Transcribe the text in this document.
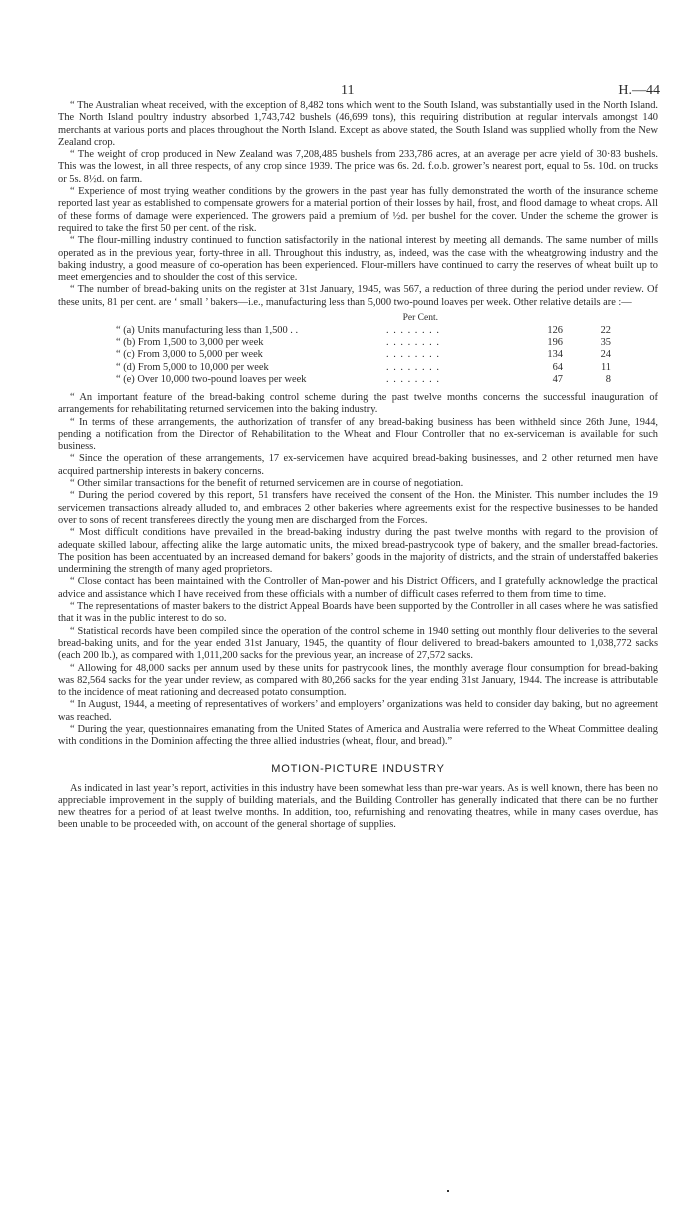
11	H.—44

“ The Australian wheat received, with the exception of 8,482 tons which went to the South Island, was substantially used in the North Island. The North Island poultry industry absorbed 1,743,742 bushels (46,699 tons), this requiring distribution at regular intervals amongst 140 merchants at various ports and places throughout the North Island. Except as above stated, the South Island was supplied wholly from the New Zealand crop.

“ The weight of crop produced in New Zealand was 7,208,485 bushels from 233,786 acres, at an average per acre yield of 30·83 bushels. This was the lowest, in all three respects, of any crop since 1939. The price was 6s. 2d. f.o.b. grower’s nearest port, equal to 5s. 10d. on trucks or 5s. 8½d. on farm.

“ Experience of most trying weather conditions by the growers in the past year has fully demonstrated the worth of the insurance scheme reported last year as established to compensate growers for a material portion of their losses by hail, frost, and flood damage to wheat crops. All of these forms of damage were experienced. The growers paid a premium of ½d. per bushel for the cover. Under the scheme the grower is required to take the first 50 per cent. of the risk.

“ The flour-milling industry continued to function satisfactorily in the national interest by meeting all demands. The same number of mills operated as in the previous year, forty-three in all. Throughout this industry, as, indeed, was the case with the wheatgrowing industry and the baking industry, a good measure of co-operation has been experienced. Flour-millers have continued to carry the reserves of wheat built up to meet emergencies and to shoulder the cost of this service.

“ The number of bread-baking units on the register at 31st January, 1945, was 567, a reduction of three during the period under review. Of these units, 81 per cent. are ‘ small ’ bakers—i.e., manufacturing less than 5,000 two-pound loaves per week. Other relative details are :—

Per Cent.
“ (a) Units manufacturing less than 1,500 . .	. . . . . . . .	126	22
“ (b) From 1,500 to 3,000 per week	. . . . . . . .	196	35
“ (c) From 3,000 to 5,000 per week	. . . . . . . .	134	24
“ (d) From 5,000 to 10,000 per week	. . . . . . . .	64	11
“ (e) Over 10,000 two-pound loaves per week	. . . . . . . .	47	8

“ An important feature of the bread-baking control scheme during the past twelve months concerns the successful inauguration of arrangements for rehabilitating returned servicemen into the baking industry.

“ In terms of these arrangements, the authorization of transfer of any bread-baking business has been withheld since 26th June, 1944, pending a notification from the Director of Rehabilitation to the Wheat and Flour Controller that no ex-serviceman is available for such business.

“ Since the operation of these arrangements, 17 ex-servicemen have acquired bread-baking businesses, and 2 other returned men have acquired partnership interests in bakery concerns.

“ Other similar transactions for the benefit of returned servicemen are in course of negotiation.

“ During the period covered by this report, 51 transfers have received the consent of the Hon. the Minister. This number includes the 19 servicemen transactions already alluded to, and embraces 2 other bakeries where agreements exist for the respective businesses to be handed over to sons of recent transferees directly the young men are discharged from the Forces.

“ Most difficult conditions have prevailed in the bread-baking industry during the past twelve months with regard to the provision of adequate skilled labour, affecting alike the large automatic units, the mixed bread-pastrycook type of bakery, and the smaller bread-factories. The position has been accentuated by an increased demand for bakers’ goods in the majority of districts, and the strain of understaffed bakeries undermining the strength of many aged proprietors.

“ Close contact has been maintained with the Controller of Man-power and his District Officers, and I gratefully acknowledge the practical advice and assistance which I have received from these officials with a number of difficult cases referred to them from time to time.

“ The representations of master bakers to the district Appeal Boards have been supported by the Controller in all cases where he was satisfied that it was in the public interest to do so.

“ Statistical records have been compiled since the operation of the control scheme in 1940 setting out monthly flour deliveries to the several bread-baking units, and for the year ended 31st January, 1945, the quantity of flour delivered to bread-bakers amounted to 1,038,772 sacks (each 200 lb.), as compared with 1,011,200 sacks for the previous year, an increase of 27,572 sacks.

“ Allowing for 48,000 sacks per annum used by these units for pastrycook lines, the monthly average flour consumption for bread-baking was 82,564 sacks for the year under review, as compared with 80,266 sacks for the year ending 31st January, 1944. The increase is attributable to the incidence of meat rationing and decreased potato consumption.

“ In August, 1944, a meeting of representatives of workers’ and employers’ organizations was held to consider day baking, but no agreement was reached.

“ During the year, questionnaires emanating from the United States of America and Australia were referred to the Wheat Committee dealing with conditions in the Dominion affecting the three allied industries (wheat, flour, and bread).”

MOTION-PICTURE INDUSTRY

As indicated in last year’s report, activities in this industry have been somewhat less than pre-war years. As is well known, there has been no appreciable improvement in the supply of building materials, and the Building Controller has generally indicated that there can be no further new theatres for a period of at least twelve months. In addition, too, refurnishing and renovating theatres, while in many cases overdue, has been unable to be proceeded with, on account of the general shortage of supplies.
